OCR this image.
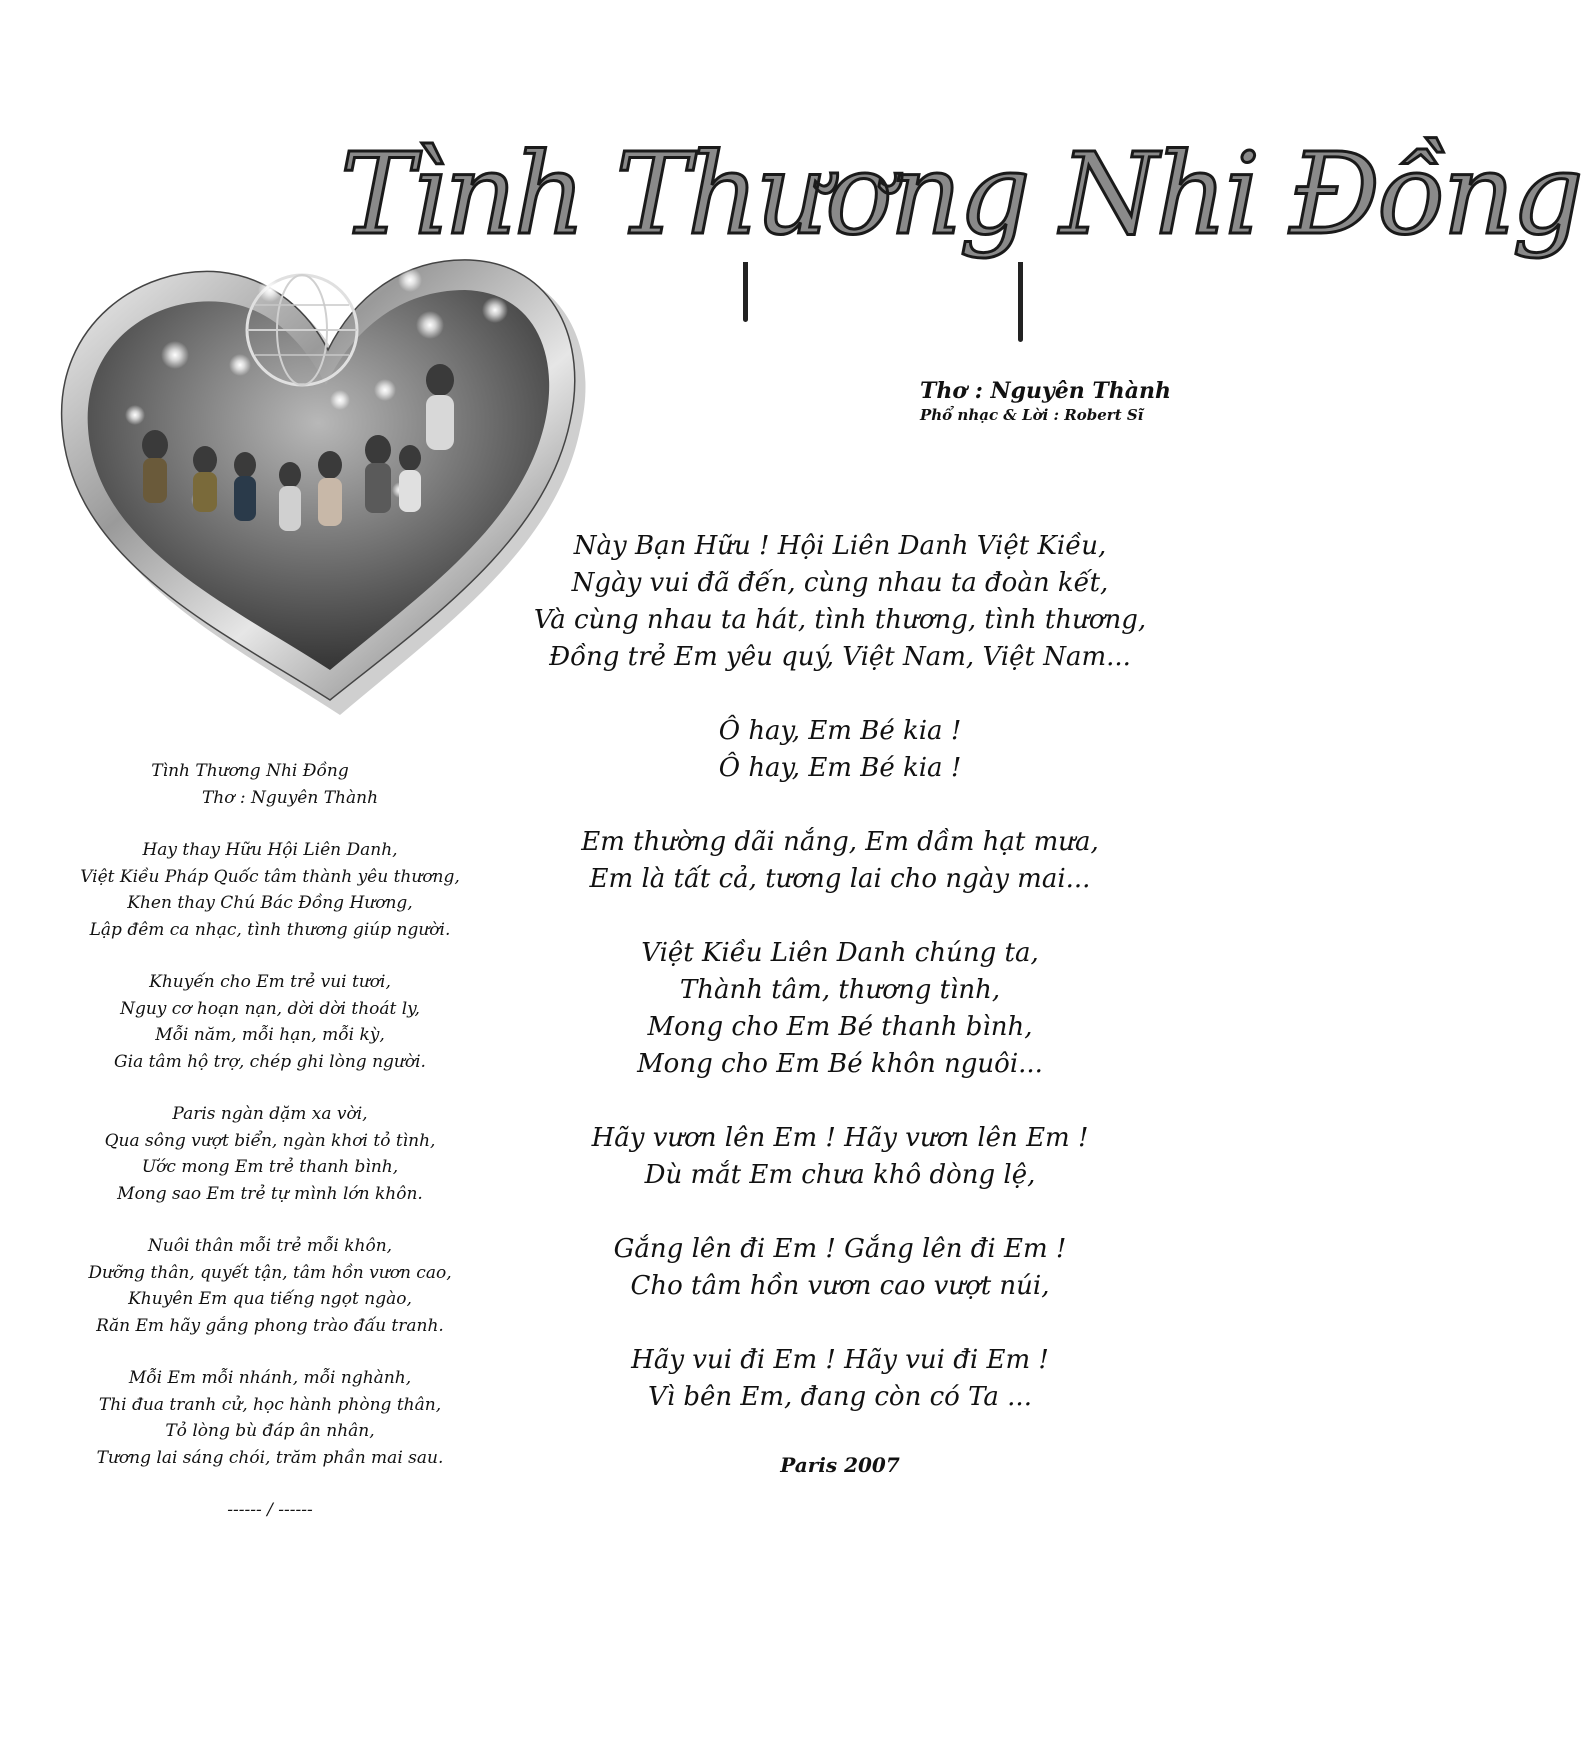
Tình Thương Nhi Đồng
Thơ : Nguyên Thành
Phổ nhạc & Lời : Robert Sĩ
Này Bạn Hữu ! Hội Liên Danh Việt Kiều,
Ngày vui đã đến, cùng nhau ta đoàn kết,
Và cùng nhau ta hát, tình thương, tình thương,
Đồng trẻ Em yêu quý, Việt Nam, Việt Nam...
Ô hay, Em Bé kia !
Ô hay, Em Bé kia !
Em thường dãi nắng, Em dầm hạt mưa,
Em là tất cả, tương lai cho ngày mai...
Việt Kiều Liên Danh chúng ta,
Thành tâm, thương tình,
Mong cho Em Bé thanh bình,
Mong cho Em Bé khôn nguôi...
Hãy vươn lên Em ! Hãy vươn lên Em !
Dù mắt Em chưa khô dòng lệ,
Gắng lên đi Em ! Gắng lên đi Em !
Cho tâm hồn vươn cao vượt núi,
Hãy vui đi Em ! Hãy vui đi Em !
Vì bên Em, đang còn có Ta ...
Paris 2007
Tình Thương Nhi Đồng
Thơ : Nguyên Thành
Hay thay Hữu Hội Liên Danh,
Việt Kiều Pháp Quốc tâm thành yêu thương,
Khen thay Chú Bác Đồng Hương,
Lập đêm ca nhạc, tình thương giúp người.
Khuyến cho Em trẻ vui tươi,
Nguy cơ hoạn nạn, dời dời thoát ly,
Mỗi năm, mỗi hạn, mỗi kỳ,
Gia tâm hộ trợ, chép ghi lòng người.
Paris ngàn dặm xa vời,
Qua sông vượt biển, ngàn khơi tỏ tình,
Ước mong Em trẻ thanh bình,
Mong sao Em trẻ tự mình lớn khôn.
Nuôi thân mỗi trẻ mỗi khôn,
Dưỡng thân, quyết tận, tâm hồn vươn cao,
Khuyên Em qua tiếng ngọt ngào,
Răn Em hãy gắng phong trào đấu tranh.
Mỗi Em mỗi nhánh, mỗi nghành,
Thi đua tranh cử, học hành phòng thân,
Tỏ lòng bù đáp ân nhân,
Tương lai sáng chói, trăm phần mai sau.
------ / ------
